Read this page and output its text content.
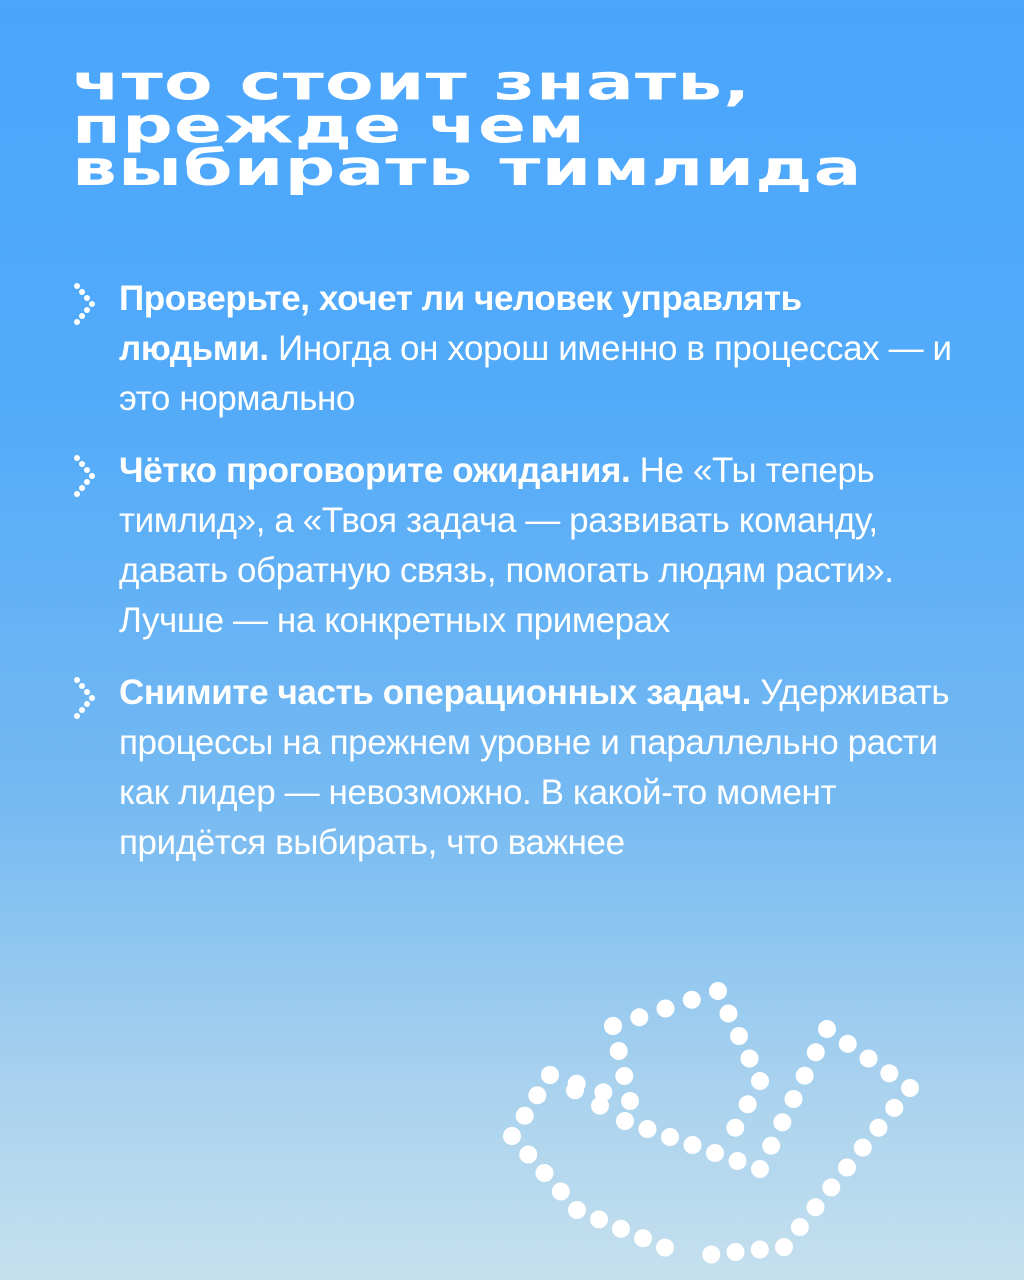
что стоит знать,
прежде чем
выбирать тимлида

Проверьте, хочет ли человек управлять людьми. Иногда он хорош именно в процессах — и это нормально

Чётко проговорите ожидания. Не «Ты теперь тимлид», а «Твоя задача — развивать команду, давать обратную связь, помогать людям расти». Лучше — на конкретных примерах

Снимите часть операционных задач. Удерживать процессы на прежнем уровне и параллельно расти как лидер — невозможно. В какой-то момент придётся выбирать, что важнее
